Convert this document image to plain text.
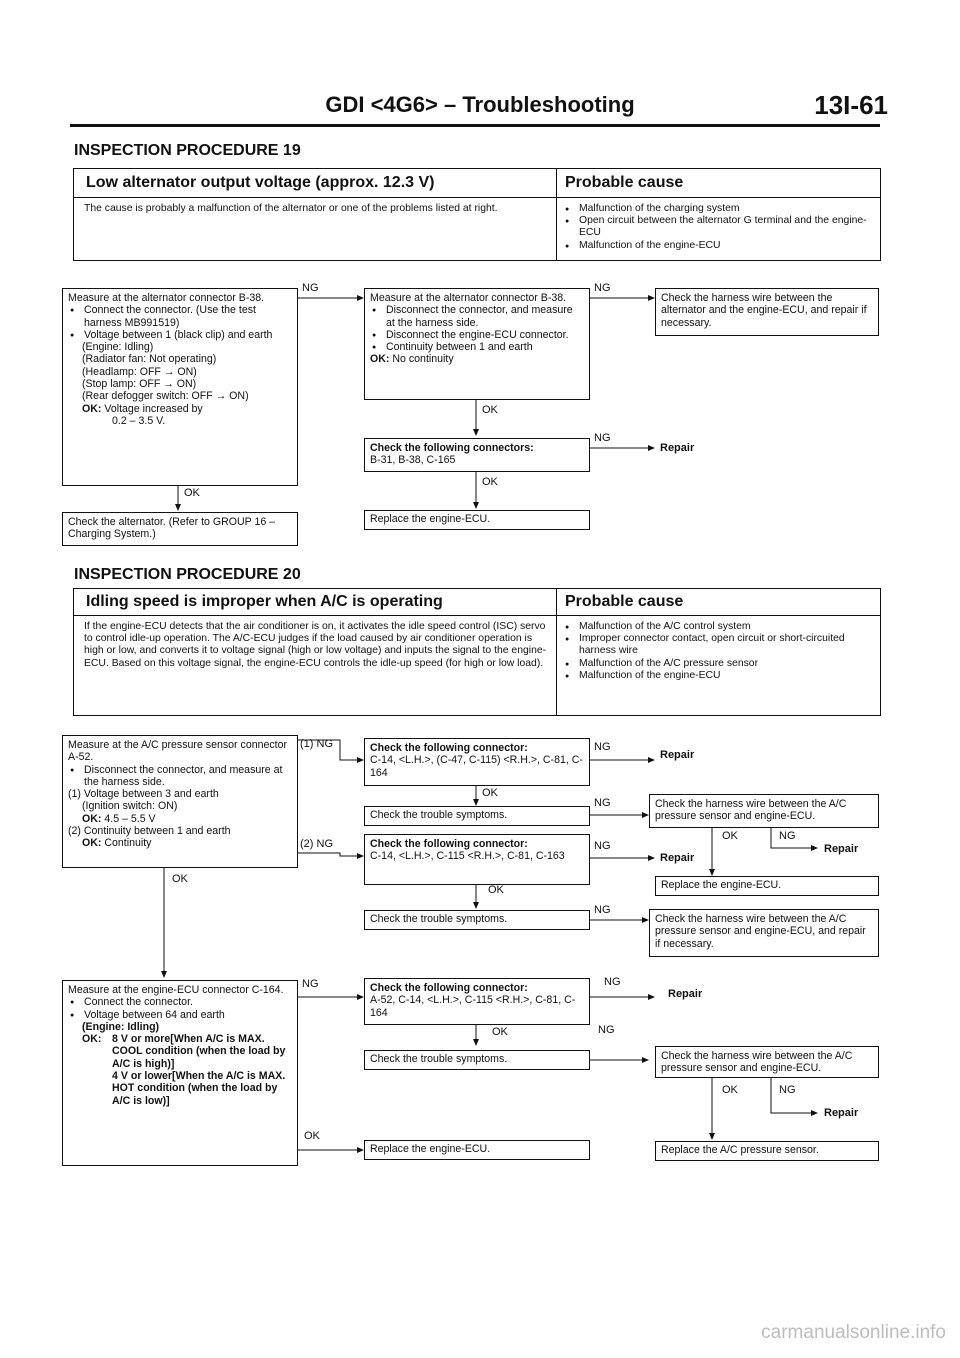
GDI <4G6> – Troubleshooting	13I-61
INSPECTION PROCEDURE 19
Low alternator output voltage (approx. 12.3 V)	Probable cause
The cause is probably a malfunction of the alternator or one of the problems listed at right.
●	Malfunction of the charging system
● Open circuit between the alternator G terminal and the engine-ECU
● Malfunction of the engine-ECU
Measure at the alternator connector B-38.
● Connect the connector. (Use the test harness MB991519)
● Voltage between 1 (black clip) and earth
(Engine: Idling)
(Radiator fan: Not operating)
(Headlamp: OFF → ON)
(Stop lamp: OFF → ON)
(Rear defogger switch: OFF → ON)
OK: Voltage increased by
0.2 – 3.5 V.
NG
OK
Check the alternator. (Refer to GROUP 16 – Charging System.)
Measure at the alternator connector B-38.
● Disconnect the connector, and measure at the harness side.
● Disconnect the engine-ECU connector.
● Continuity between 1 and earth
OK: No continuity
NG
OK
Check the following connectors:
B-31, B-38, C-165
NG
Repair
OK
Replace the engine-ECU.
Check the harness wire between the alternator and the engine-ECU, and repair if necessary.
INSPECTION PROCEDURE 20
Idling speed is improper when A/C is operating	Probable cause
If the engine-ECU detects that the air conditioner is on, it activates the idle speed control (ISC) servo to control idle-up operation. The A/C-ECU judges if the load caused by air conditioner operation is high or low, and converts it to voltage signal (high or low voltage) and inputs the signal to the engine-ECU. Based on this voltage signal, the engine-ECU controls the idle-up speed (for high or low load).
● Malfunction of the A/C control system
● Improper connector contact, open circuit or short-circuited harness wire
● Malfunction of the A/C pressure sensor
● Malfunction of the engine-ECU
Measure at the A/C pressure sensor connector A-52.
● Disconnect the connector, and measure at the harness side.
(1) Voltage between 3 and earth
(Ignition switch: ON)
OK: 4.5 – 5.5 V
(2) Continuity between 1 and earth
OK: Continuity
(1) NG
(2) NG
OK
Check the following connector:
C-14, <L.H.>, (C-47, C-115) <R.H.>, C-81, C-164
NG
Repair
OK
Check the trouble symptoms.
NG	Check the harness wire between the A/C pressure sensor and engine-ECU.
OK	NG
Repair
Check the following connector:
C-14, <L.H.>, C-115 <R.H.>, C-81, C-163
NG
Repair
Replace the engine-ECU.
OK
Check the trouble symptoms.
NG
Check the harness wire between the A/C pressure sensor and engine-ECU, and repair if necessary.
Measure at the engine-ECU connector C-164.
● Connect the connector.
● Voltage between 64 and earth
(Engine: Idling)
OK: 8 V or more[When A/C is MAX. COOL condition (when the load by A/C is high)]
4 V or lower[When the A/C is MAX. HOT condition (when the load by A/C is low)]
NG
OK
Check the following connector:
A-52, C-14, <L.H.>, C-115 <R.H.>, C-81, C-164
NG
Repair
OK	NG
Check the trouble symptoms.	Check the harness wire between the A/C pressure sensor and engine-ECU.
OK	NG
Repair
Replace the engine-ECU.	Replace the A/C pressure sensor.
carmanualsonline.info
